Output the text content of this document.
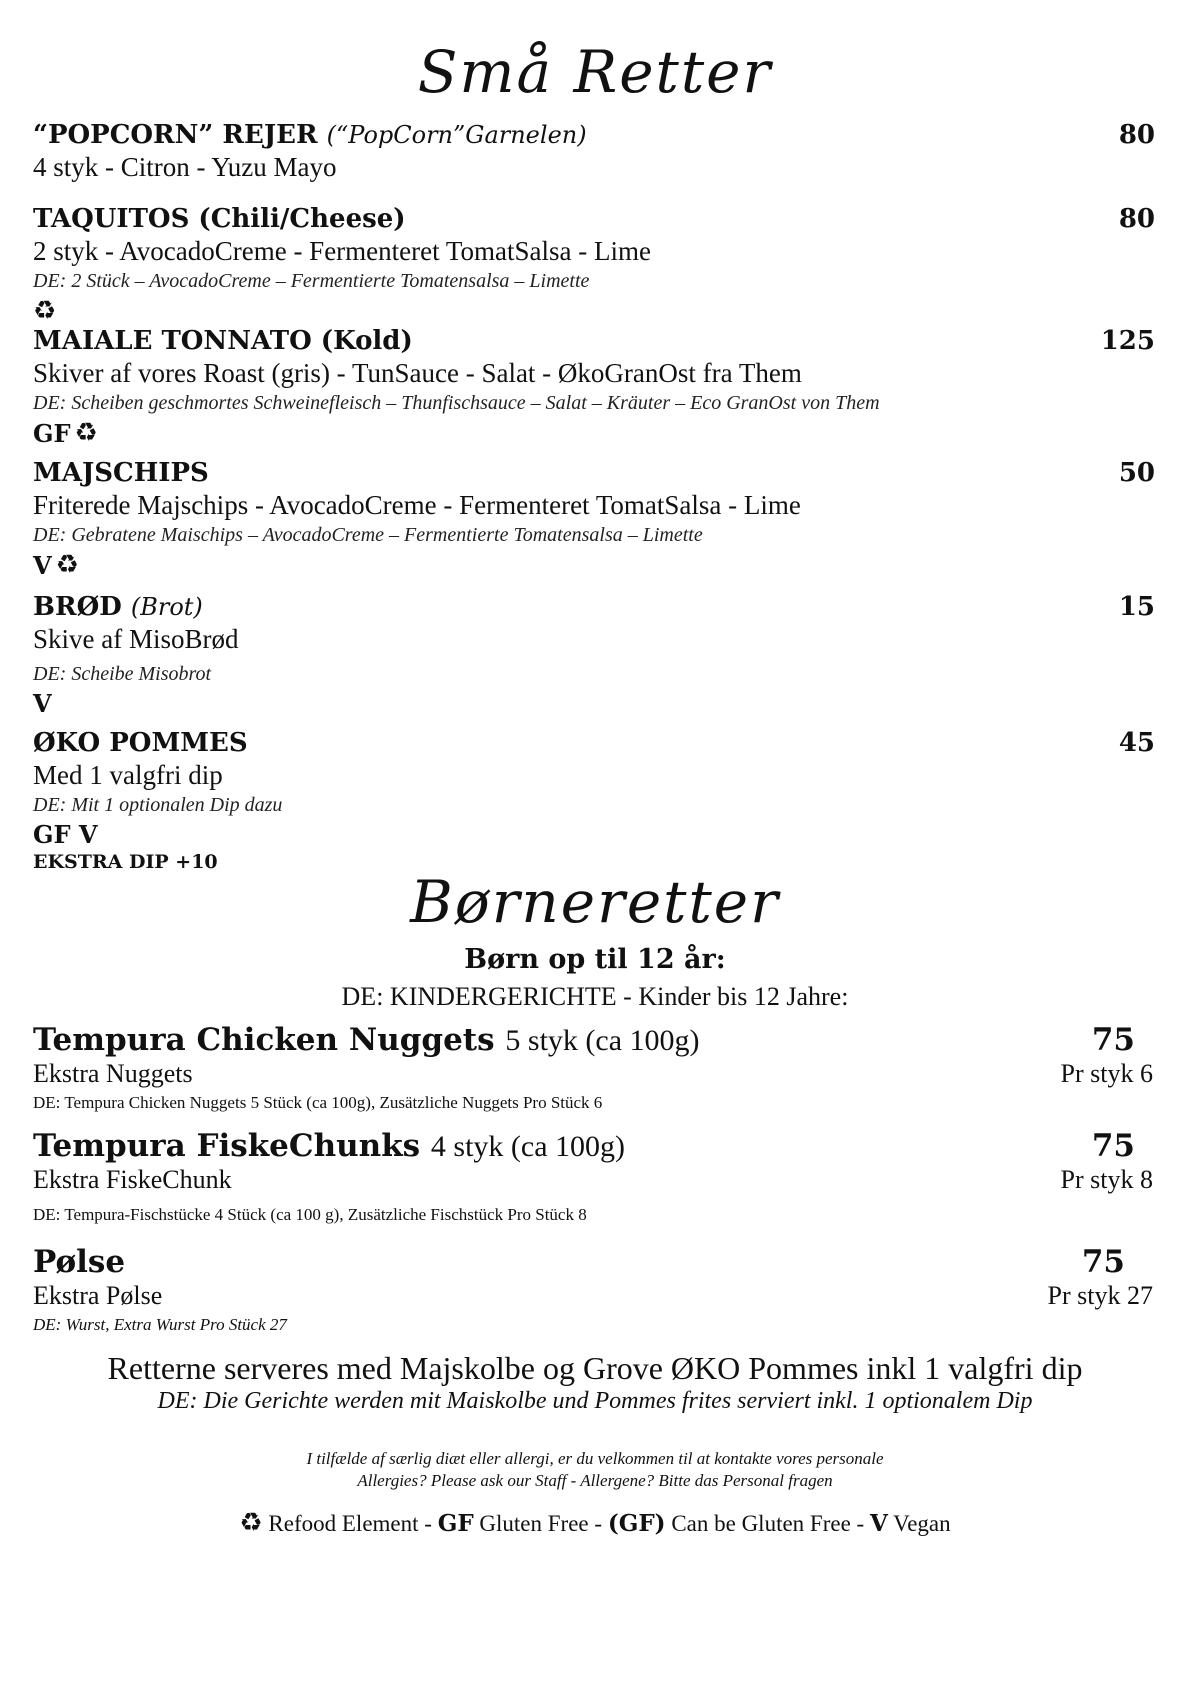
Små Retter
“POPCORN” REJER (“PopCorn”Garnelen)	80
4 styk - Citron - Yuzu Mayo
TAQUITOS (Chili/Cheese)	80
2 styk - AvocadoCreme - Fermenteret TomatSalsa - Lime
DE: 2 Stück – AvocadoCreme – Fermentierte Tomatensalsa – Limette
♻
MAIALE TONNATO (Kold)	125
Skiver af vores Roast (gris) - TunSauce - Salat - ØkoGranOst fra Them
DE: Scheiben geschmortes Schweinefleisch – Thunfischsauce – Salat – Kräuter – Eco GranOst von Them
GF ♻
MAJSCHIPS	50
Friterede Majschips - AvocadoCreme - Fermenteret TomatSalsa - Lime
DE: Gebratene Maischips – AvocadoCreme – Fermentierte Tomatensalsa – Limette
V ♻
BRØD (Brot)	15
Skive af MisoBrød
DE: Scheibe Misobrot
V
ØKO POMMES	45
Med 1 valgfri dip
DE: Mit 1 optionalen Dip dazu
GF V
EKSTRA DIP +10
Børneretter
Børn op til 12 år:
DE: KINDERGERICHTE - Kinder bis 12 Jahre:
Tempura Chicken Nuggets 5 styk (ca 100g)	75
Ekstra Nuggets	Pr styk 6
DE: Tempura Chicken Nuggets 5 Stück (ca 100g), Zusätzliche Nuggets Pro Stück 6
Tempura FiskeChunks 4 styk (ca 100g)	75
Ekstra FiskeChunk	Pr styk 8
DE: Tempura-Fischstücke 4 Stück (ca 100 g), Zusätzliche Fischstück Pro Stück 8
Pølse	75
Ekstra Pølse	Pr styk 27
DE: Wurst, Extra Wurst Pro Stück 27
Retterne serveres med Majskolbe og Grove ØKO Pommes inkl 1 valgfri dip
DE: Die Gerichte werden mit Maiskolbe und Pommes frites serviert inkl. 1 optionalem Dip
I tilfælde af særlig diæt eller allergi, er du velkommen til at kontakte vores personale
Allergies? Please ask our Staff - Allergene? Bitte das Personal fragen
♻ Refood Element - GF Gluten Free - (GF) Can be Gluten Free - V Vegan
